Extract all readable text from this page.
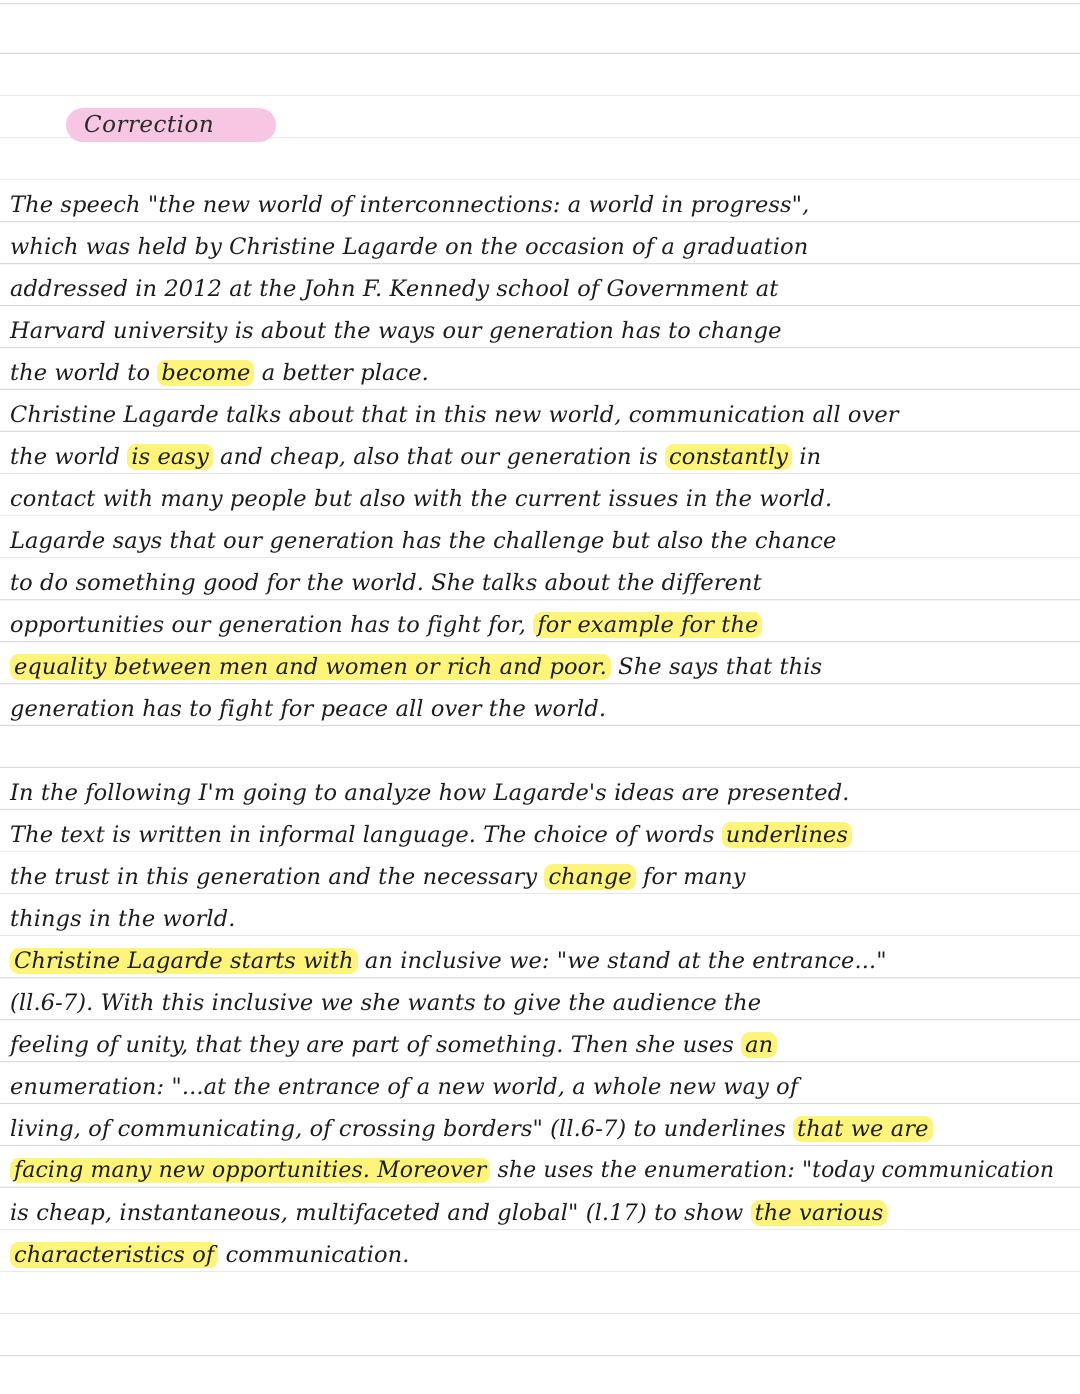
Correction
The speech "the new world of interconnections: a world in progress",
which was held by Christine Lagarde on the occasion of a graduation
addressed in 2012 at the John F. Kennedy school of Government at
Harvard university is about the ways our generation has to change
the world to become a better place.
Christine Lagarde talks about that in this new world, communication all over
the world is easy and cheap, also that our generation is constantly in
contact with many people but also with the current issues in the world.
Lagarde says that our generation has the challenge but also the chance
to do something good for the world. She talks about the different
opportunities our generation has to fight for, for example for the
equality between men and women or rich and poor. She says that this
generation has to fight for peace all over the world.
In the following I'm going to analyze how Lagarde's ideas are presented.
The text is written in informal language. The choice of words underlines
the trust in this generation and the necessary change for many
things in the world.
Christine Lagarde starts with an inclusive we: "we stand at the entrance..."
(ll.6-7). With this inclusive we she wants to give the audience the
feeling of unity, that they are part of something. Then she uses an
enumeration: "...at the entrance of a new world, a whole new way of
living, of communicating, of crossing borders" (ll.6-7) to underlines that we are
facing many new opportunities. Moreover she uses the enumeration: "today communication
is cheap, instantaneous, multifaceted and global" (l.17) to show the various
characteristics of communication.
